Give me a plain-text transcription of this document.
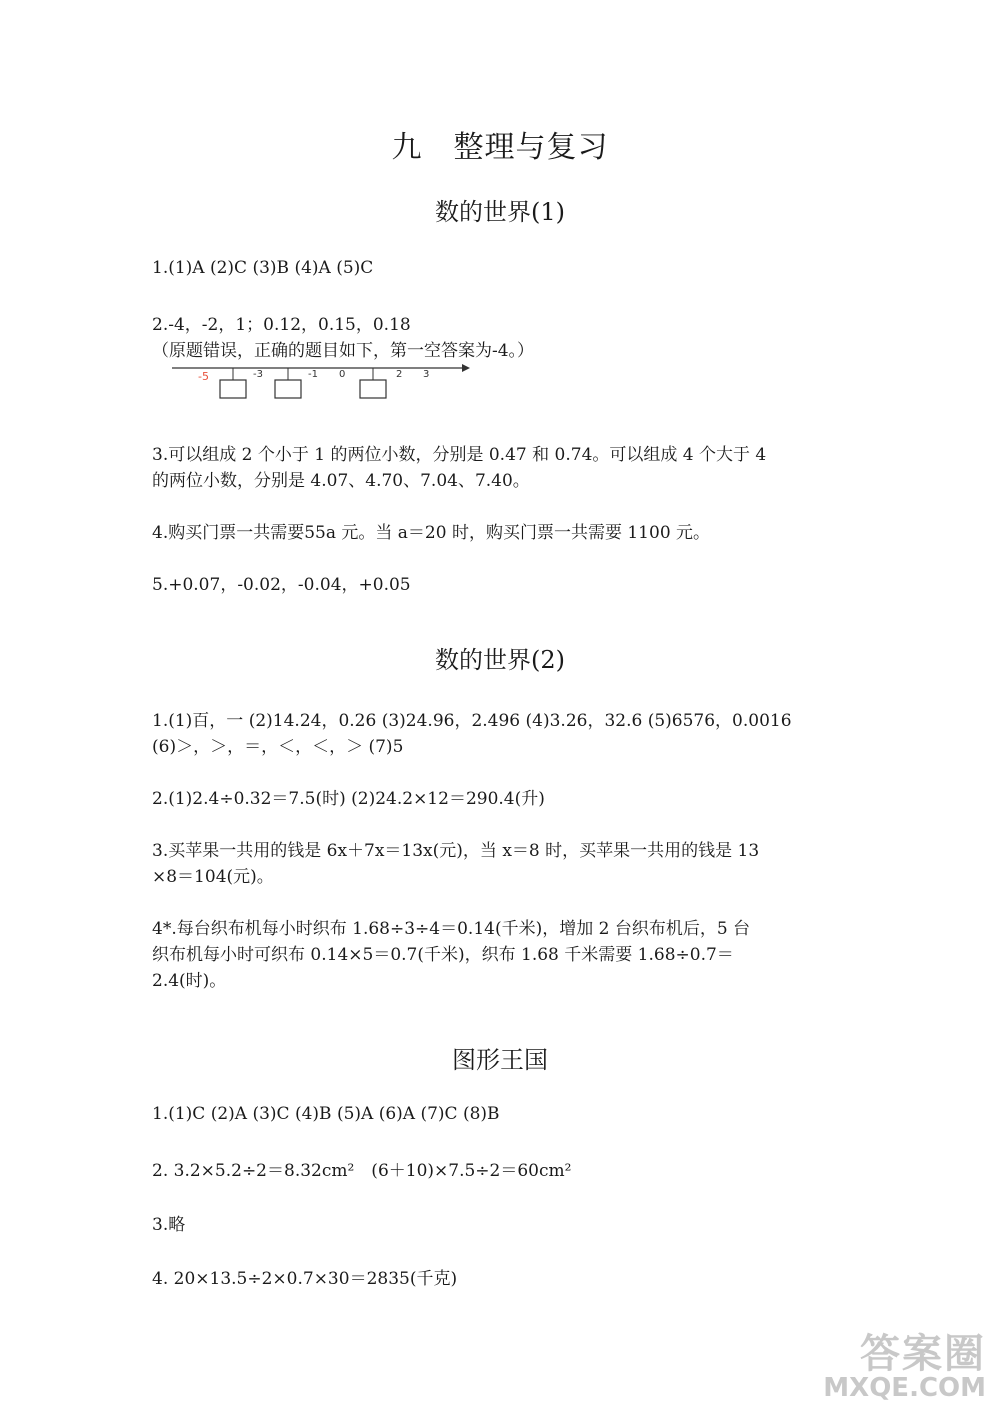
九　整理与复习
数的世界(1)
1.(1)A (2)C (3)B (4)A (5)C
2.-4，-2，1；0.12，0.15，0.18
（原题错误，正确的题目如下，第一空答案为-4。）
-5	-3	-1 0	2 3
3.可以组成 2 个小于 1 的两位小数，分别是 0.47 和 0.74。可以组成 4 个大于 4
的两位小数，分别是 4.07、4.70、7.04、7.40。
4.购买门票一共需要55a 元。当 a＝20 时，购买门票一共需要 1100 元。
5.+0.07，-0.02，-0.04，+0.05
数的世界(2)
1.(1)百，一 (2)14.24，0.26 (3)24.96，2.496 (4)3.26，32.6 (5)6576，0.0016
(6)＞，＞，＝，＜，＜，＞ (7)5
2.(1)2.4÷0.32＝7.5(时) (2)24.2×12＝290.4(升)
3.买苹果一共用的钱是 6x＋7x＝13x(元)，当 x＝8 时，买苹果一共用的钱是 13
×8＝104(元)。
4*.每台织布机每小时织布 1.68÷3÷4＝0.14(千米)，增加 2 台织布机后，5 台
织布机每小时可织布 0.14×5＝0.7(千米)，织布 1.68 千米需要 1.68÷0.7＝
2.4(时)。
图形王国
1.(1)C (2)A (3)C (4)B (5)A (6)A (7)C (8)B
2. 3.2×5.2÷2＝8.32cm²　(6＋10)×7.5÷2＝60cm²
3.略
4. 20×13.5÷2×0.7×30＝2835(千克)
答案圈
MXQE.COM
